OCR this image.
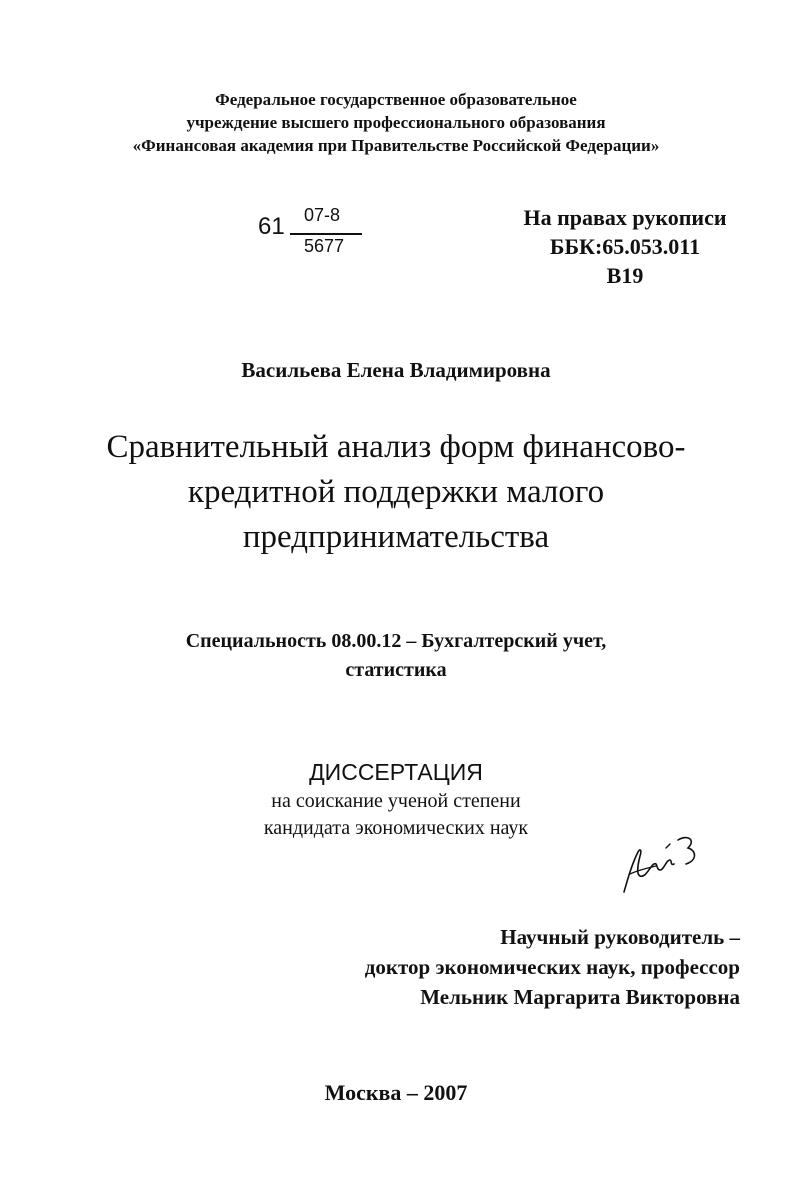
Федеральное государственное образовательное
учреждение высшего профессионального образования
«Финансовая академия при Правительстве Российской Федерации»
61 07-8
5677
На правах рукописи
ББК:65.053.011
В19
Васильева Елена Владимировна
Сравнительный анализ форм финансово-
кредитной поддержки малого
предпринимательства
Специальность 08.00.12 – Бухгалтерский учет,
статистика
ДИССЕРТАЦИЯ
на соискание ученой степени
кандидата экономических наук
Научный руководитель –
доктор экономических наук, профессор
Мельник Маргарита Викторовна
Москва – 2007
